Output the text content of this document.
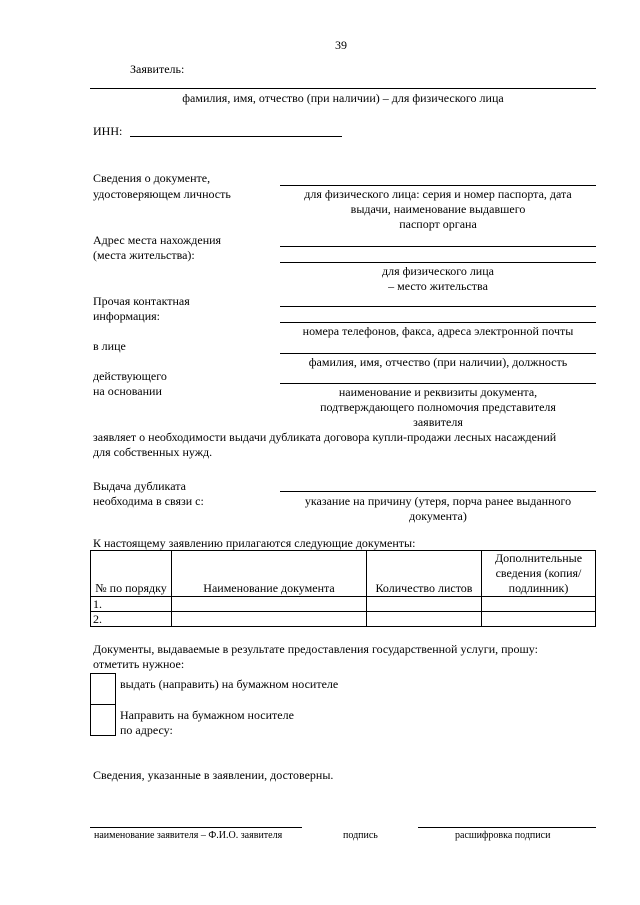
39
Заявитель:
фамилия, имя, отчество (при наличии) – для физического лица
ИНН:
Сведения о документе,
удостоверяющем личность	для физического лица: серия и номер паспорта, дата
выдачи, наименование выдавшего
паспорт органа
Адрес места нахождения
(места жительства):
для физического лица
– место жительства
Прочая контактная
информация:
номера телефонов, факса, адреса электронной почты
в лице
фамилия, имя, отчество (при наличии), должность
действующего
на основании	наименование и реквизиты документа,
подтверждающего полномочия представителя
заявителя
заявляет о необходимости выдачи дубликата договора купли-продажи лесных насаждений
для собственных нужд.
Выдача дубликата
необходима в связи с:	указание на причину (утеря, порча ранее выданного
документа)
К настоящему заявлению прилагаются следующие документы:
№ по порядку	Наименование документа	Количество листов	Дополнительные сведения (копия/подлинник)
1.			
2.			
Документы, выдаваемые в результате предоставления государственной услуги, прошу:
отметить нужное:
выдать (направить) на бумажном носителе
Направить на бумажном носителе
по адресу:
Сведения, указанные в заявлении, достоверны.
наименование заявителя – Ф.И.О. заявителя	подпись	расшифровка подписи
